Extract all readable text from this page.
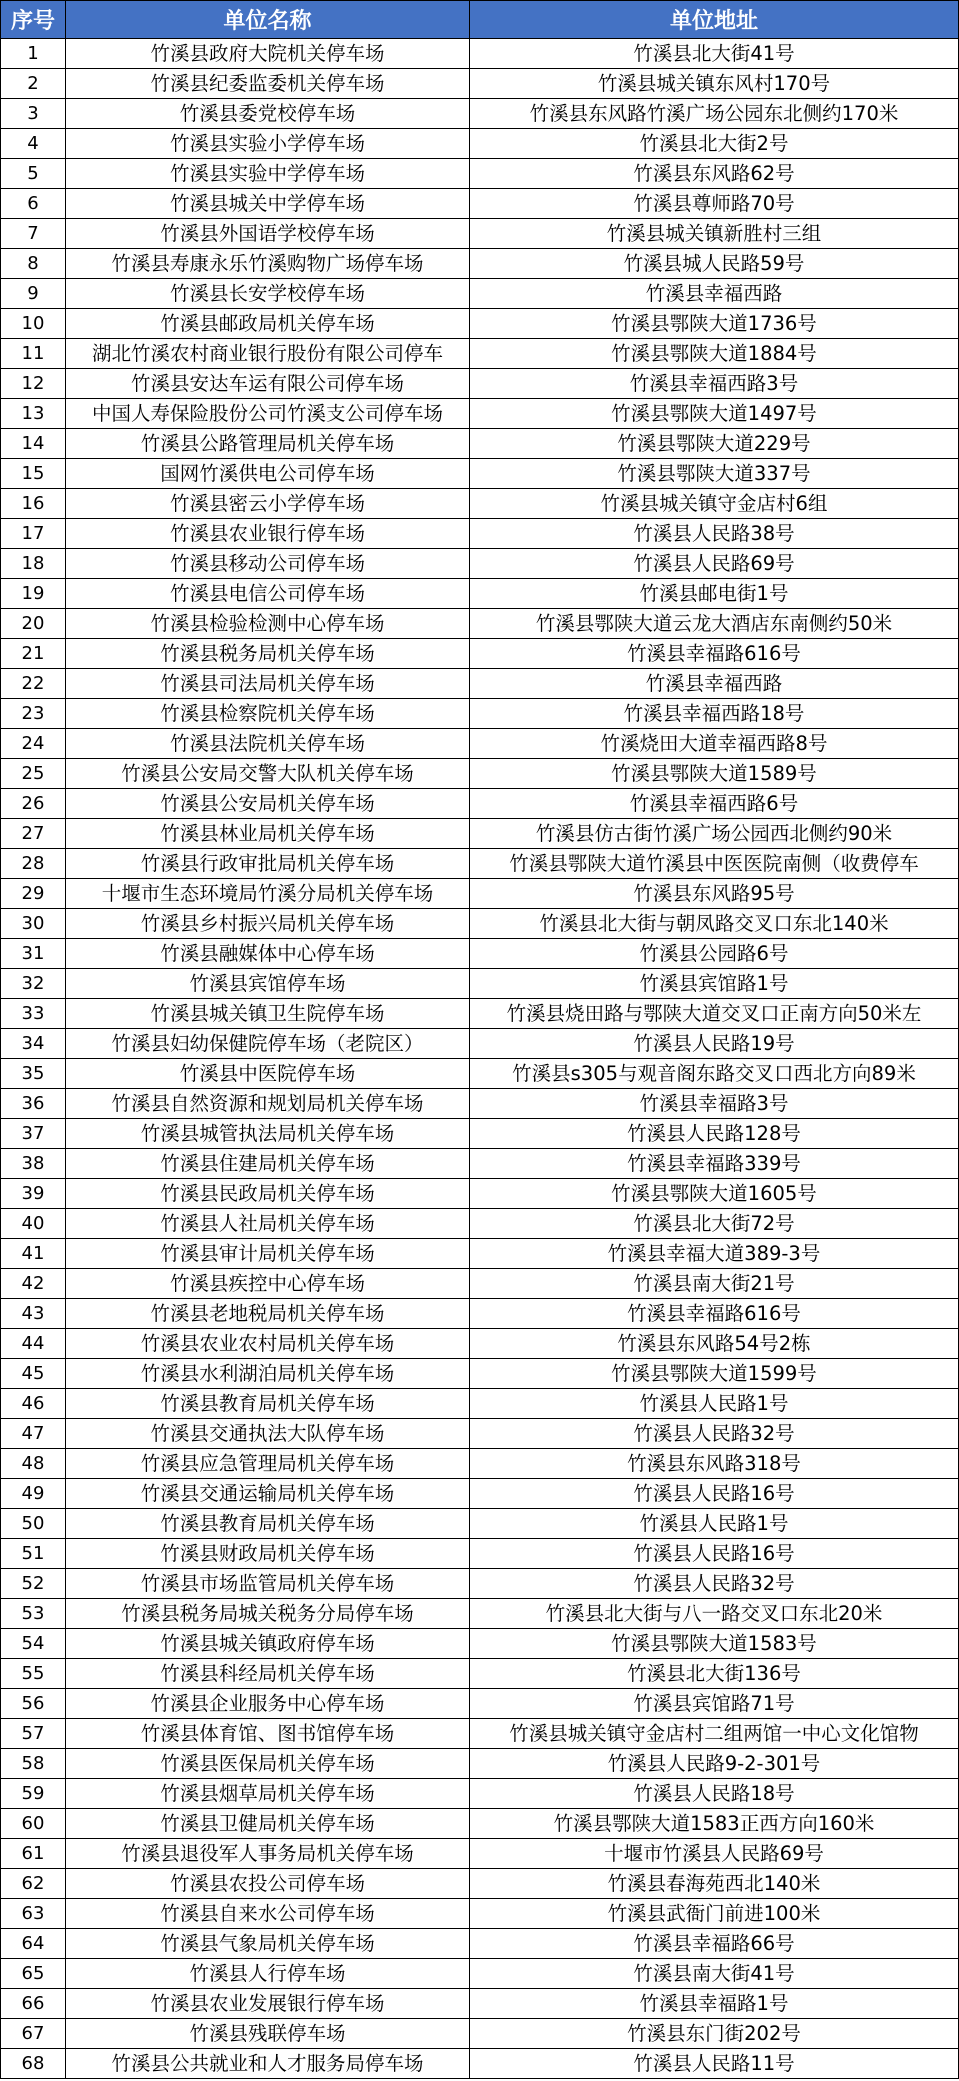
序号	单位名称	单位地址
1	竹溪县政府大院机关停车场	竹溪县北大街41号
2	竹溪县纪委监委机关停车场	竹溪县城关镇东风村170号
3	竹溪县委党校停车场	竹溪县东风路竹溪广场公园东北侧约170米
4	竹溪县实验小学停车场	竹溪县北大街2号
5	竹溪县实验中学停车场	竹溪县东风路62号
6	竹溪县城关中学停车场	竹溪县尊师路70号
7	竹溪县外国语学校停车场	竹溪县城关镇新胜村三组
8	竹溪县寿康永乐竹溪购物广场停车场	竹溪县城人民路59号
9	竹溪县长安学校停车场	竹溪县幸福西路
10	竹溪县邮政局机关停车场	竹溪县鄂陕大道1736号
11	湖北竹溪农村商业银行股份有限公司停车	竹溪县鄂陕大道1884号
12	竹溪县安达车运有限公司停车场	竹溪县幸福西路3号
13	中国人寿保险股份公司竹溪支公司停车场	竹溪县鄂陕大道1497号
14	竹溪县公路管理局机关停车场	竹溪县鄂陕大道229号
15	国网竹溪供电公司停车场	竹溪县鄂陕大道337号
16	竹溪县密云小学停车场	竹溪县城关镇守金店村6组
17	竹溪县农业银行停车场	竹溪县人民路38号
18	竹溪县移动公司停车场	竹溪县人民路69号
19	竹溪县电信公司停车场	竹溪县邮电街1号
20	竹溪县检验检测中心停车场	竹溪县鄂陕大道云龙大酒店东南侧约50米
21	竹溪县税务局机关停车场	竹溪县幸福路616号
22	竹溪县司法局机关停车场	竹溪县幸福西路
23	竹溪县检察院机关停车场	竹溪县幸福西路18号
24	竹溪县法院机关停车场	竹溪烧田大道幸福西路8号
25	竹溪县公安局交警大队机关停车场	竹溪县鄂陕大道1589号
26	竹溪县公安局机关停车场	竹溪县幸福西路6号
27	竹溪县林业局机关停车场	竹溪县仿古街竹溪广场公园西北侧约90米
28	竹溪县行政审批局机关停车场	竹溪县鄂陕大道竹溪县中医医院南侧（收费停车
29	十堰市生态环境局竹溪分局机关停车场	竹溪县东风路95号
30	竹溪县乡村振兴局机关停车场	竹溪县北大街与朝凤路交叉口东北140米
31	竹溪县融媒体中心停车场	竹溪县公园路6号
32	竹溪县宾馆停车场	竹溪县宾馆路1号
33	竹溪县城关镇卫生院停车场	竹溪县烧田路与鄂陕大道交叉口正南方向50米左
34	竹溪县妇幼保健院停车场（老院区）	竹溪县人民路19号
35	竹溪县中医院停车场	竹溪县s305与观音阁东路交叉口西北方向89米
36	竹溪县自然资源和规划局机关停车场	竹溪县幸福路3号
37	竹溪县城管执法局机关停车场	竹溪县人民路128号
38	竹溪县住建局机关停车场	竹溪县幸福路339号
39	竹溪县民政局机关停车场	竹溪县鄂陕大道1605号
40	竹溪县人社局机关停车场	竹溪县北大街72号
41	竹溪县审计局机关停车场	竹溪县幸福大道389-3号
42	竹溪县疾控中心停车场	竹溪县南大街21号
43	竹溪县老地税局机关停车场	竹溪县幸福路616号
44	竹溪县农业农村局机关停车场	竹溪县东风路54号2栋
45	竹溪县水利湖泊局机关停车场	竹溪县鄂陕大道1599号
46	竹溪县教育局机关停车场	竹溪县人民路1号
47	竹溪县交通执法大队停车场	竹溪县人民路32号
48	竹溪县应急管理局机关停车场	竹溪县东风路318号
49	竹溪县交通运输局机关停车场	竹溪县人民路16号
50	竹溪县教育局机关停车场	竹溪县人民路1号
51	竹溪县财政局机关停车场	竹溪县人民路16号
52	竹溪县市场监管局机关停车场	竹溪县人民路32号
53	竹溪县税务局城关税务分局停车场	竹溪县北大街与八一路交叉口东北20米
54	竹溪县城关镇政府停车场	竹溪县鄂陕大道1583号
55	竹溪县科经局机关停车场	竹溪县北大街136号
56	竹溪县企业服务中心停车场	竹溪县宾馆路71号
57	竹溪县体育馆、图书馆停车场	竹溪县城关镇守金店村二组两馆一中心文化馆物
58	竹溪县医保局机关停车场	竹溪县人民路9-2-301号
59	竹溪县烟草局机关停车场	竹溪县人民路18号
60	竹溪县卫健局机关停车场	竹溪县鄂陕大道1583正西方向160米
61	竹溪县退役军人事务局机关停车场	十堰市竹溪县人民路69号
62	竹溪县农投公司停车场	竹溪县春海苑西北140米
63	竹溪县自来水公司停车场	竹溪县武衙门前进100米
64	竹溪县气象局机关停车场	竹溪县幸福路66号
65	竹溪县人行停车场	竹溪县南大街41号
66	竹溪县农业发展银行停车场	竹溪县幸福路1号
67	竹溪县残联停车场	竹溪县东门街202号
68	竹溪县公共就业和人才服务局停车场	竹溪县人民路11号
